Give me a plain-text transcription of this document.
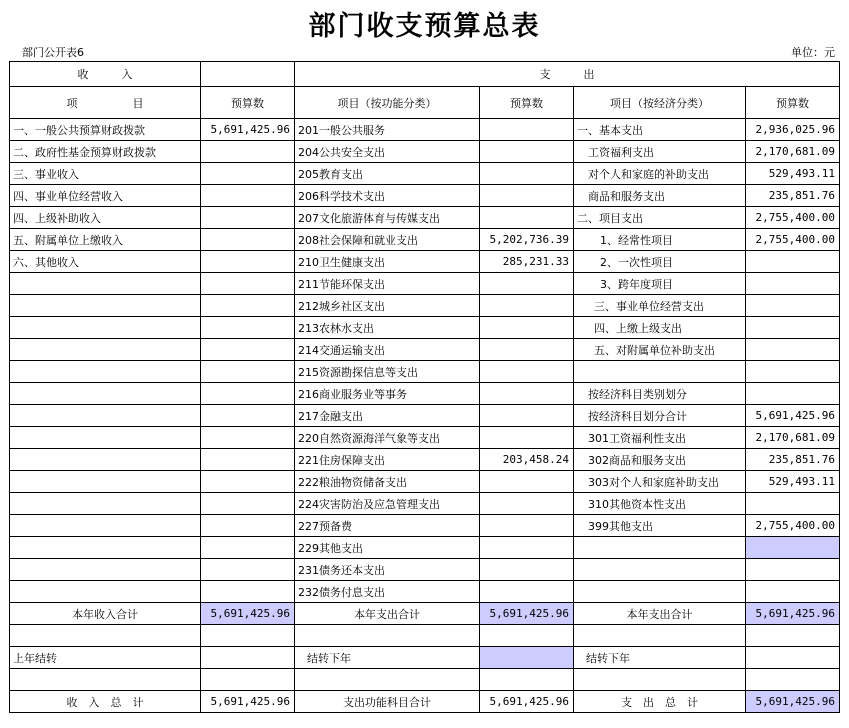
部门收支预算总表
部门公开表6	单位：元
收　　　入		支　　　出			
项　　　　　目	预算数	项目（按功能分类）	预算数	项目（按经济分类）	预算数
一、一般公共预算财政拨款	5,691,425.96	201一般公共服务		一、基本支出	2,936,025.96
二、政府性基金预算财政拨款		204公共安全支出		工资福利支出	2,170,681.09
三、事业收入		205教育支出		对个人和家庭的补助支出	529,493.11
四、事业单位经营收入		206科学技术支出		商品和服务支出	235,851.76
四、上级补助收入		207文化旅游体育与传媒支出		二、项目支出	2,755,400.00
五、附属单位上缴收入		208社会保障和就业支出	5,202,736.39	1、经常性项目	2,755,400.00
六、其他收入		210卫生健康支出	285,231.33	2、一次性项目	
		211节能环保支出		3、跨年度项目	
		212城乡社区支出		三、事业单位经营支出	
		213农林水支出		四、上缴上级支出	
		214交通运输支出		五、对附属单位补助支出	
		215资源勘探信息等支出			
		216商业服务业等事务		按经济科目类别划分	
		217金融支出		按经济科目划分合计	5,691,425.96
		220自然资源海洋气象等支出		301工资福利性支出	2,170,681.09
		221住房保障支出	203,458.24	302商品和服务支出	235,851.76
		222粮油物资储备支出		303对个人和家庭补助支出	529,493.11
		224灾害防治及应急管理支出		310其他资本性支出	
		227预备费		399其他支出	2,755,400.00
		229其他支出			
		231债务还本支出			
		232债务付息支出			
本年收入合计	5,691,425.96	本年支出合计	5,691,425.96	本年支出合计	5,691,425.96

上年结转		结转下年		结转下年	

收　入　总　计	5,691,425.96	支出功能科目合计	5,691,425.96	支　出　总　计	5,691,425.96
